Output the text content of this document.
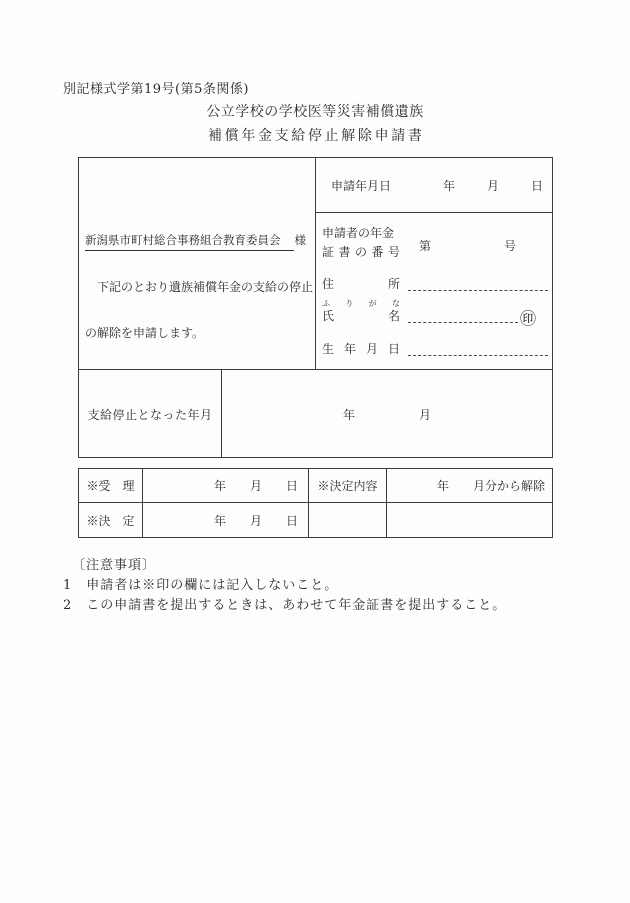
別記様式学第19号(第5条関係)
公立学校の学校医等災害補償遺族
補 償 年 金 支 給 停 止 解 除 申 請 書
新潟県市町村総合事務組合教育委員会 様
下記のとおり遺族補償年金の支給の停止
の解除を申請します。
申請年月日	年	月	日
申請者の年金
証 書 の 番 号 第	号
住	所
ふ り が な
氏	名	㊞
生 年 月 日
支給停止となった年月	年	月
※受　理	年　　月　　日	※決定内容	年　　月分から解除
※決　定	年　　月　　日
〔注意事項〕
1　申請者は※印の欄には記入しないこと。
2　この申請書を提出するときは、あわせて年金証書を提出すること。
